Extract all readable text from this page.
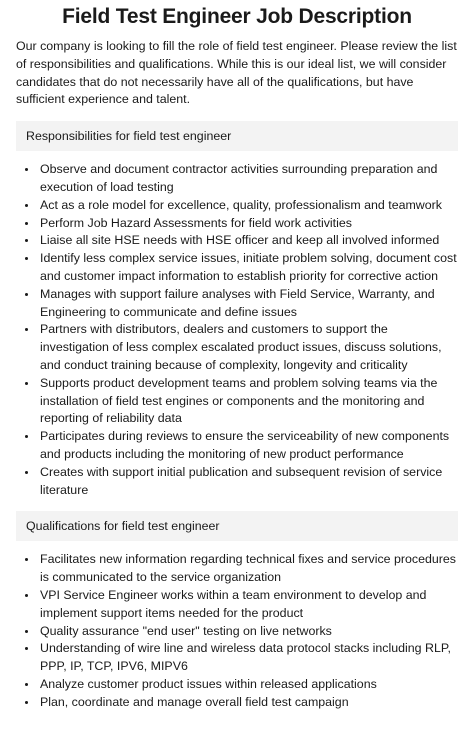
Field Test Engineer Job Description

Our company is looking to fill the role of field test engineer. Please review the list of responsibilities and qualifications. While this is our ideal list, we will consider candidates that do not necessarily have all of the qualifications, but have sufficient experience and talent.

Responsibilities for field test engineer
• Observe and document contractor activities surrounding preparation and execution of load testing
• Act as a role model for excellence, quality, professionalism and teamwork
• Perform Job Hazard Assessments for field work activities
• Liaise all site HSE needs with HSE officer and keep all involved informed
• Identify less complex service issues, initiate problem solving, document cost and customer impact information to establish priority for corrective action
• Manages with support failure analyses with Field Service, Warranty, and Engineering to communicate and define issues
• Partners with distributors, dealers and customers to support the investigation of less complex escalated product issues, discuss solutions, and conduct training because of complexity, longevity and criticality
• Supports product development teams and problem solving teams via the installation of field test engines or components and the monitoring and reporting of reliability data
• Participates during reviews to ensure the serviceability of new components and products including the monitoring of new product performance
• Creates with support initial publication and subsequent revision of service literature
Qualifications for field test engineer
• Facilitates new information regarding technical fixes and service procedures is communicated to the service organization
• VPI Service Engineer works within a team environment to develop and implement support items needed for the product
• Quality assurance "end user" testing on live networks
• Understanding of wire line and wireless data protocol stacks including RLP, PPP, IP, TCP, IPV6, MIPV6
• Analyze customer product issues within released applications
• Plan, coordinate and manage overall field test campaign
